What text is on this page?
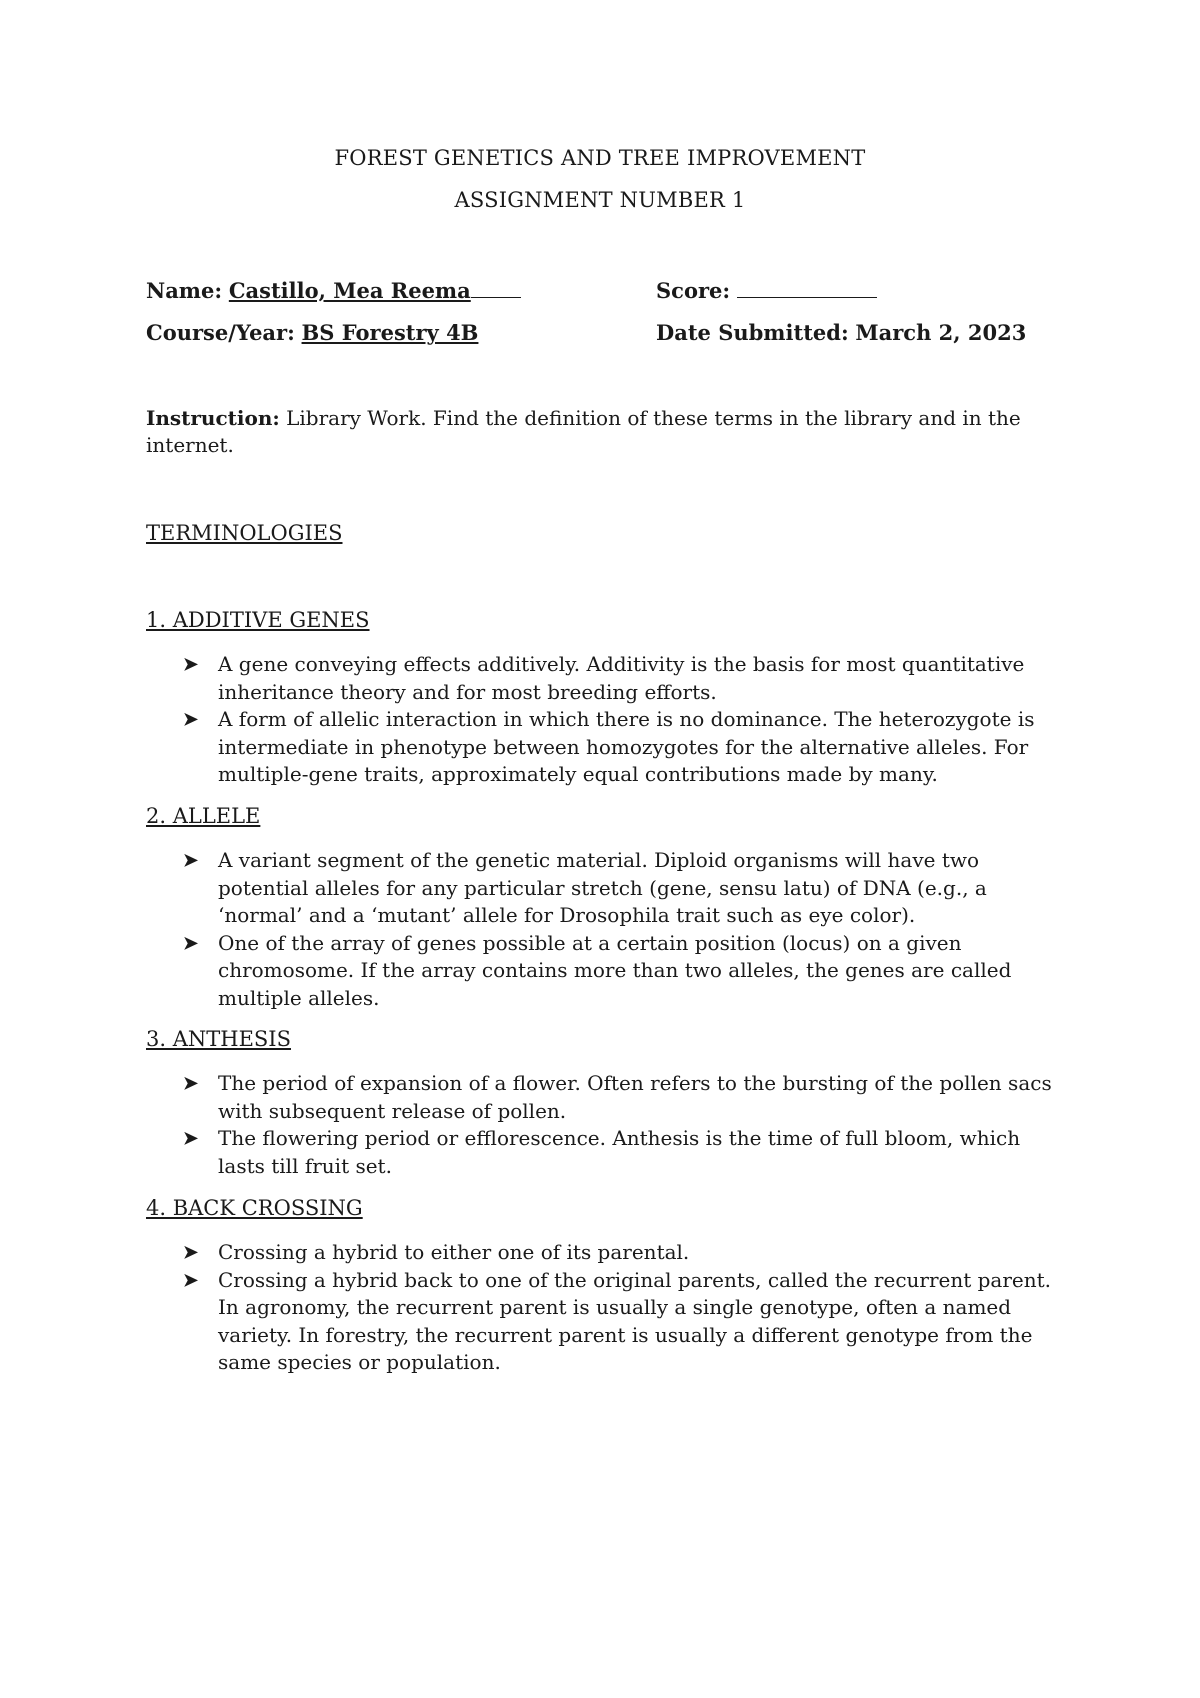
FOREST GENETICS AND TREE IMPROVEMENT
ASSIGNMENT NUMBER 1
Name: Castillo, Mea Reema	Score:
Course/Year: BS Forestry 4B	Date Submitted: March 2, 2023
Instruction: Library Work. Find the definition of these terms in the library and in the internet.
TERMINOLOGIES
1. ADDITIVE GENES
➤ A gene conveying effects additively. Additivity is the basis for most quantitative inheritance theory and for most breeding efforts.
➤ A form of allelic interaction in which there is no dominance. The heterozygote is intermediate in phenotype between homozygotes for the alternative alleles. For multiple-gene traits, approximately equal contributions made by many.
2. ALLELE
➤ A variant segment of the genetic material. Diploid organisms will have two potential alleles for any particular stretch (gene, sensu latu) of DNA (e.g., a ‘normal’ and a ‘mutant’ allele for Drosophila trait such as eye color).
➤ One of the array of genes possible at a certain position (locus) on a given chromosome. If the array contains more than two alleles, the genes are called multiple alleles.
3. ANTHESIS
➤ The period of expansion of a flower. Often refers to the bursting of the pollen sacs with subsequent release of pollen.
➤ The flowering period or efflorescence. Anthesis is the time of full bloom, which lasts till fruit set.
4. BACK CROSSING
➤ Crossing a hybrid to either one of its parental.
➤ Crossing a hybrid back to one of the original parents, called the recurrent parent. In agronomy, the recurrent parent is usually a single genotype, often a named variety. In forestry, the recurrent parent is usually a different genotype from the same species or population.
